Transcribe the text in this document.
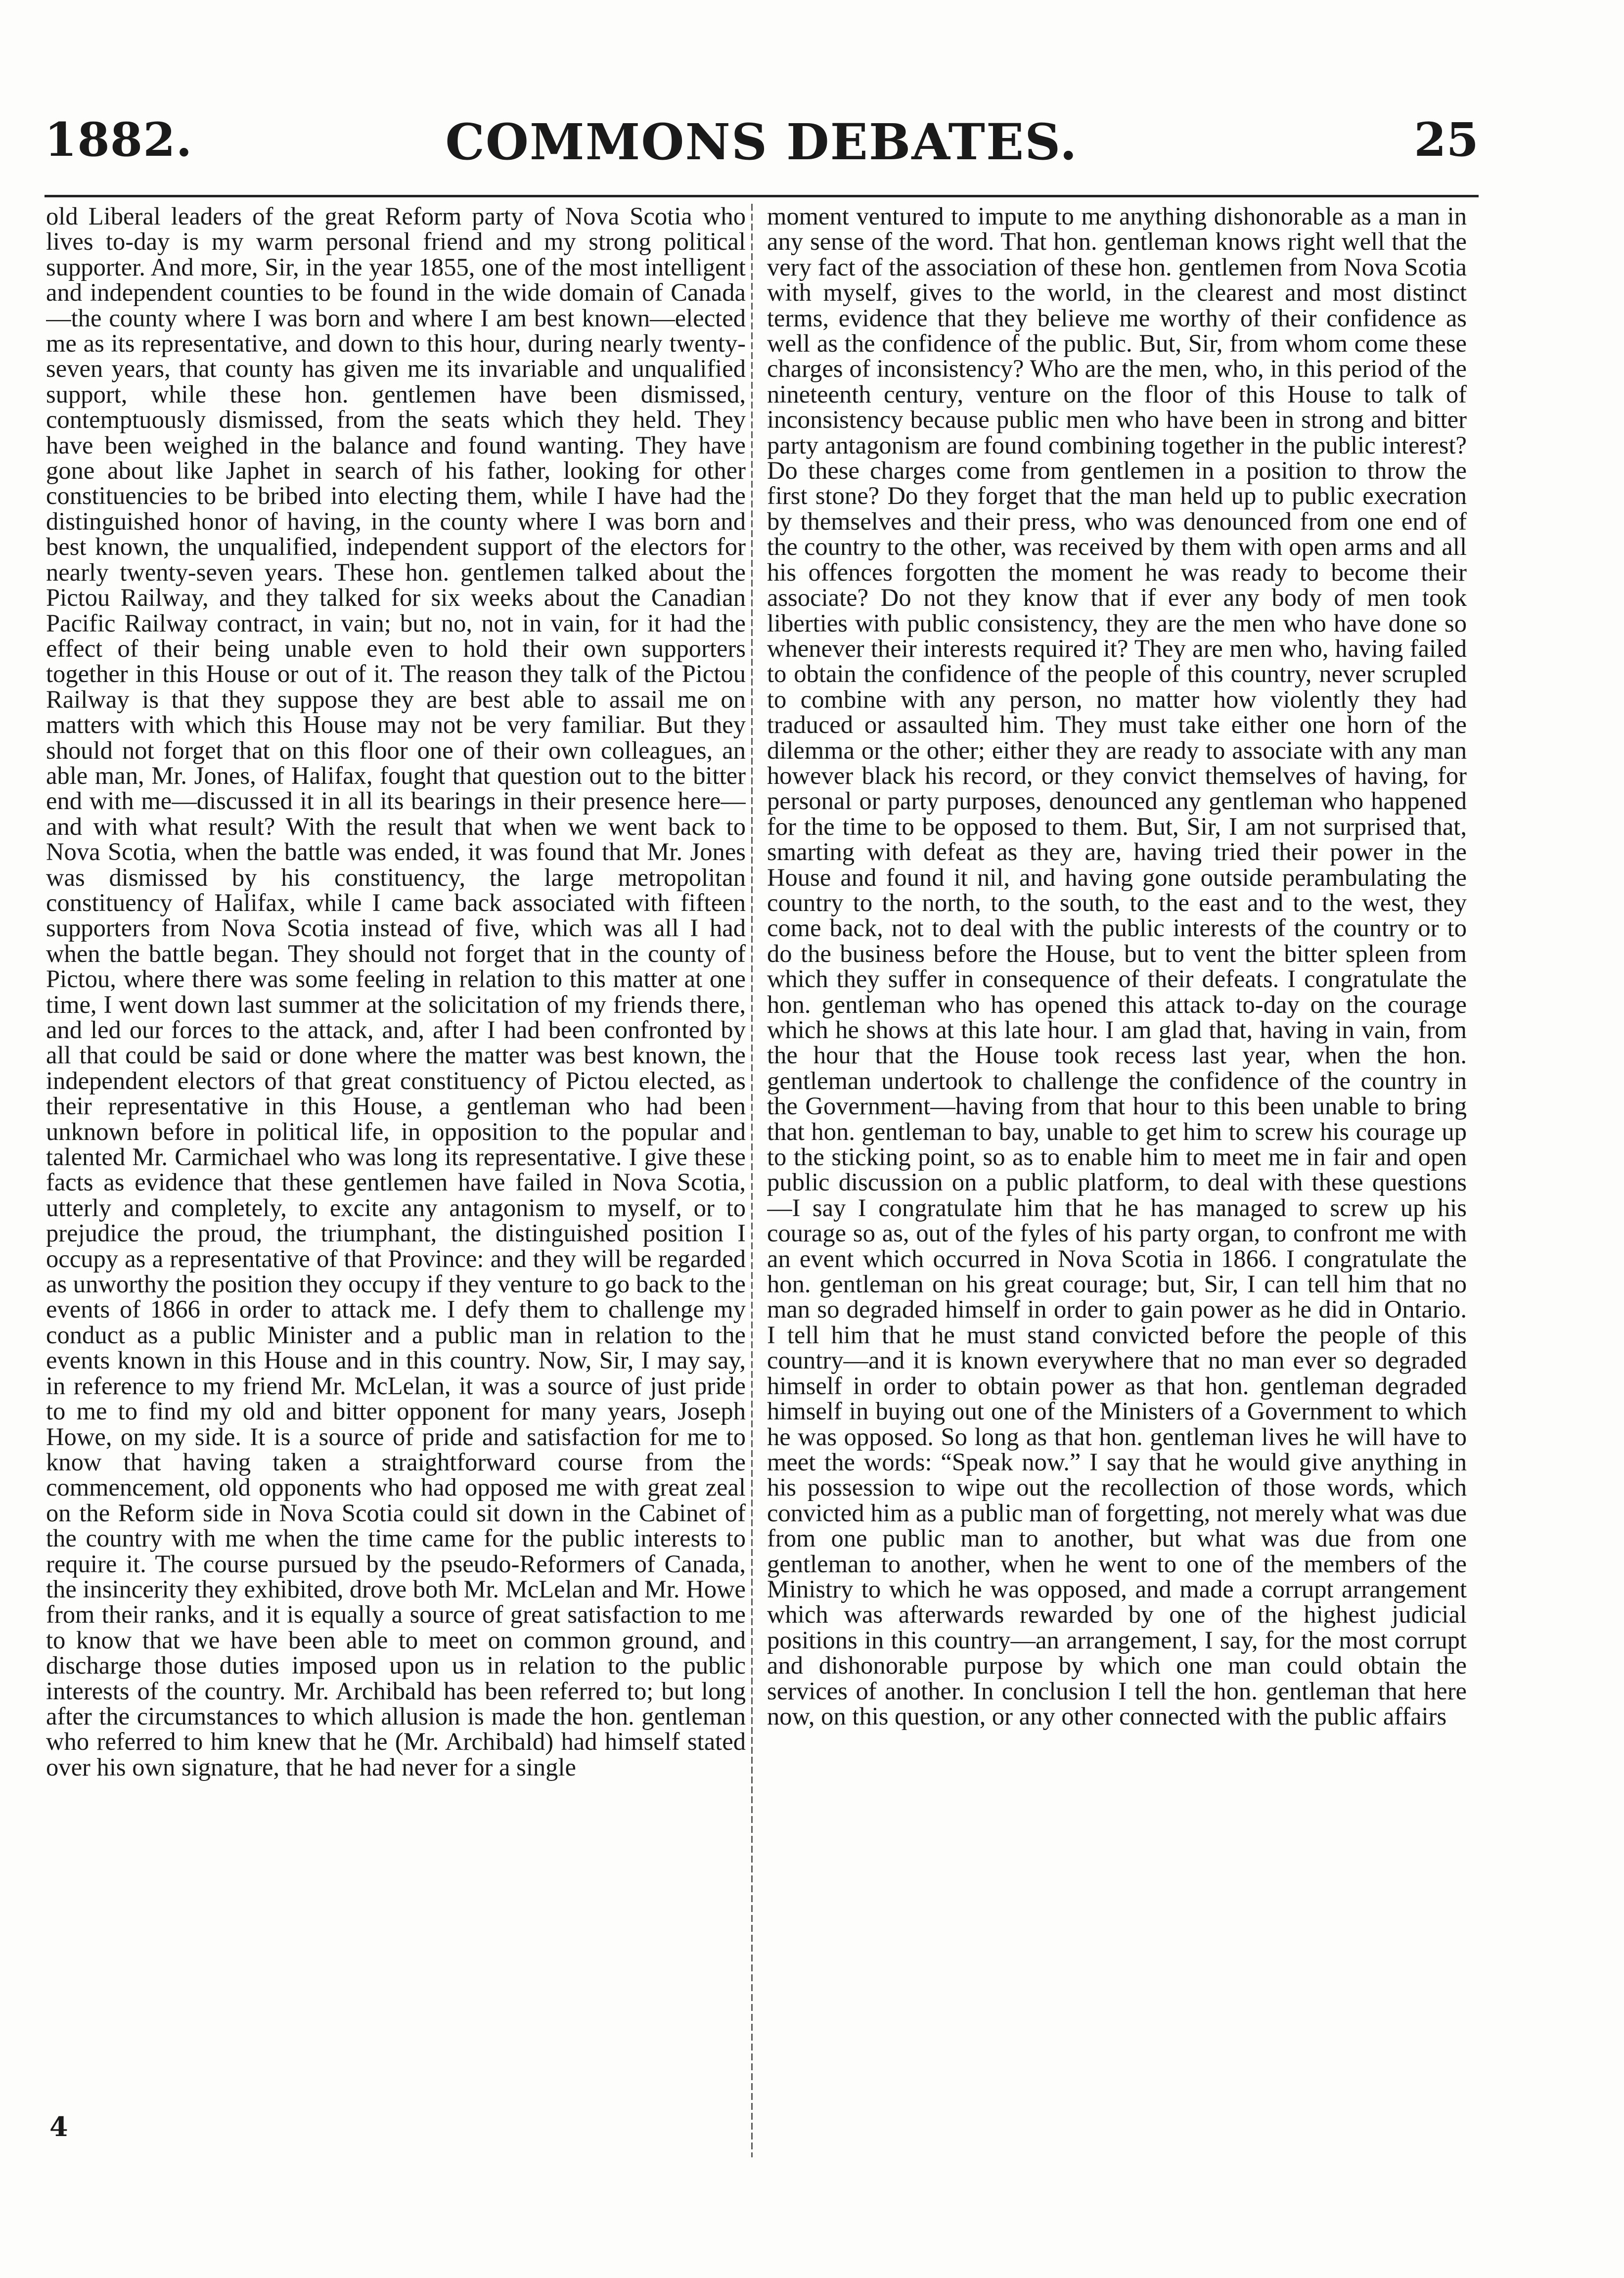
1882.	COMMONS DEBATES.	25

old Liberal leaders of the great Reform party of Nova Scotia who lives to-day is my warm personal friend and my strong political supporter. And more, Sir, in the year 1855, one of the most intelligent and independent counties to be found in the wide domain of Canada—the county where I was born and where I am best known—elected me as its representative, and down to this hour, during nearly twenty-seven years, that county has given me its invariable and unqualified support, while these hon. gentlemen have been dismissed, contemptuously dismissed, from the seats which they held. They have been weighed in the balance and found wanting. They have gone about like Japhet in search of his father, looking for other constituencies to be bribed into electing them, while I have had the distinguished honor of having, in the county where I was born and best known, the unqualified, independent support of the electors for nearly twenty-seven years. These hon. gentlemen talked about the Pictou Railway, and they talked for six weeks about the Canadian Pacific Railway contract, in vain; but no, not in vain, for it had the effect of their being unable even to hold their own supporters together in this House or out of it. The reason they talk of the Pictou Railway is that they suppose they are best able to assail me on matters with which this House may not be very familiar. But they should not forget that on this floor one of their own colleagues, an able man, Mr. Jones, of Halifax, fought that question out to the bitter end with me—discussed it in all its bearings in their presence here—and with what result? With the result that when we went back to Nova Scotia, when the battle was ended, it was found that Mr. Jones was dismissed by his constituency, the large metropolitan constituency of Halifax, while I came back associated with fifteen supporters from Nova Scotia instead of five, which was all I had when the battle began. They should not forget that in the county of Pictou, where there was some feeling in relation to this matter at one time, I went down last summer at the solicitation of my friends there, and led our forces to the attack, and, after I had been confronted by all that could be said or done where the matter was best known, the independent electors of that great constituency of Pictou elected, as their representative in this House, a gentleman who had been unknown before in political life, in opposition to the popular and talented Mr. Carmichael who was long its representative. I give these facts as evidence that these gentlemen have failed in Nova Scotia, utterly and completely, to excite any antagonism to myself, or to prejudice the proud, the triumphant, the distinguished position I occupy as a representative of that Province: and they will be regarded as unworthy the position they occupy if they venture to go back to the events of 1866 in order to attack me. I defy them to challenge my conduct as a public Minister and a public man in relation to the events known in this House and in this country. Now, Sir, I may say, in reference to my friend Mr. McLelan, it was a source of just pride to me to find my old and bitter opponent for many years, Joseph Howe, on my side. It is a source of pride and satisfaction for me to know that having taken a straightforward course from the commencement, old opponents who had opposed me with great zeal on the Reform side in Nova Scotia could sit down in the Cabinet of the country with me when the time came for the public interests to require it. The course pursued by the pseudo-Reformers of Canada, the insincerity they exhibited, drove both Mr. McLelan and Mr. Howe from their ranks, and it is equally a source of great satisfaction to me to know that we have been able to meet on common ground, and discharge those duties imposed upon us in relation to the public interests of the country. Mr. Archibald has been referred to; but long after the circumstances to which allusion is made the hon. gentleman who referred to him knew that he (Mr. Archibald) had himself stated over his own signature, that he had never for a single

moment ventured to impute to me anything dishonorable as a man in any sense of the word. That hon. gentleman knows right well that the very fact of the association of these hon. gentlemen from Nova Scotia with myself, gives to the world, in the clearest and most distinct terms, evidence that they believe me worthy of their confidence as well as the confidence of the public. But, Sir, from whom come these charges of inconsistency? Who are the men, who, in this period of the nineteenth century, venture on the floor of this House to talk of inconsistency because public men who have been in strong and bitter party antagonism are found combining together in the public interest? Do these charges come from gentlemen in a position to throw the first stone? Do they forget that the man held up to public execration by themselves and their press, who was denounced from one end of the country to the other, was received by them with open arms and all his offences forgotten the moment he was ready to become their associate? Do not they know that if ever any body of men took liberties with public consistency, they are the men who have done so whenever their interests required it? They are men who, having failed to obtain the confidence of the people of this country, never scrupled to combine with any person, no matter how violently they had traduced or assaulted him. They must take either one horn of the dilemma or the other; either they are ready to associate with any man however black his record, or they convict themselves of having, for personal or party purposes, denounced any gentleman who happened for the time to be opposed to them. But, Sir, I am not surprised that, smarting with defeat as they are, having tried their power in the House and found it nil, and having gone outside perambulating the country to the north, to the south, to the east and to the west, they come back, not to deal with the public interests of the country or to do the business before the House, but to vent the bitter spleen from which they suffer in consequence of their defeats. I congratulate the hon. gentleman who has opened this attack to-day on the courage which he shows at this late hour. I am glad that, having in vain, from the hour that the House took recess last year, when the hon. gentleman undertook to challenge the confidence of the country in the Government—having from that hour to this been unable to bring that hon. gentleman to bay, unable to get him to screw his courage up to the sticking point, so as to enable him to meet me in fair and open public discussion on a public platform, to deal with these questions —I say I congratulate him that he has managed to screw up his courage so as, out of the fyles of his party organ, to confront me with an event which occurred in Nova Scotia in 1866. I congratulate the hon. gentleman on his great courage; but, Sir, I can tell him that no man so degraded himself in order to gain power as he did in Ontario. I tell him that he must stand convicted before the people of this country—and it is known everywhere that no man ever so degraded himself in order to obtain power as that hon. gentleman degraded himself in buying out one of the Ministers of a Government to which he was opposed. So long as that hon. gentleman lives he will have to meet the words: “Speak now.” I say that he would give anything in his possession to wipe out the recollection of those words, which convicted him as a public man of forgetting, not merely what was due from one public man to another, but what was due from one gentleman to another, when he went to one of the members of the Ministry to which he was opposed, and made a corrupt arrangement which was afterwards rewarded by one of the highest judicial positions in this country—an arrangement, I say, for the most corrupt and dishonorable purpose by which one man could obtain the services of another. In conclusion I tell the hon. gentleman that here now, on this question, or any other connected with the public affairs

4
